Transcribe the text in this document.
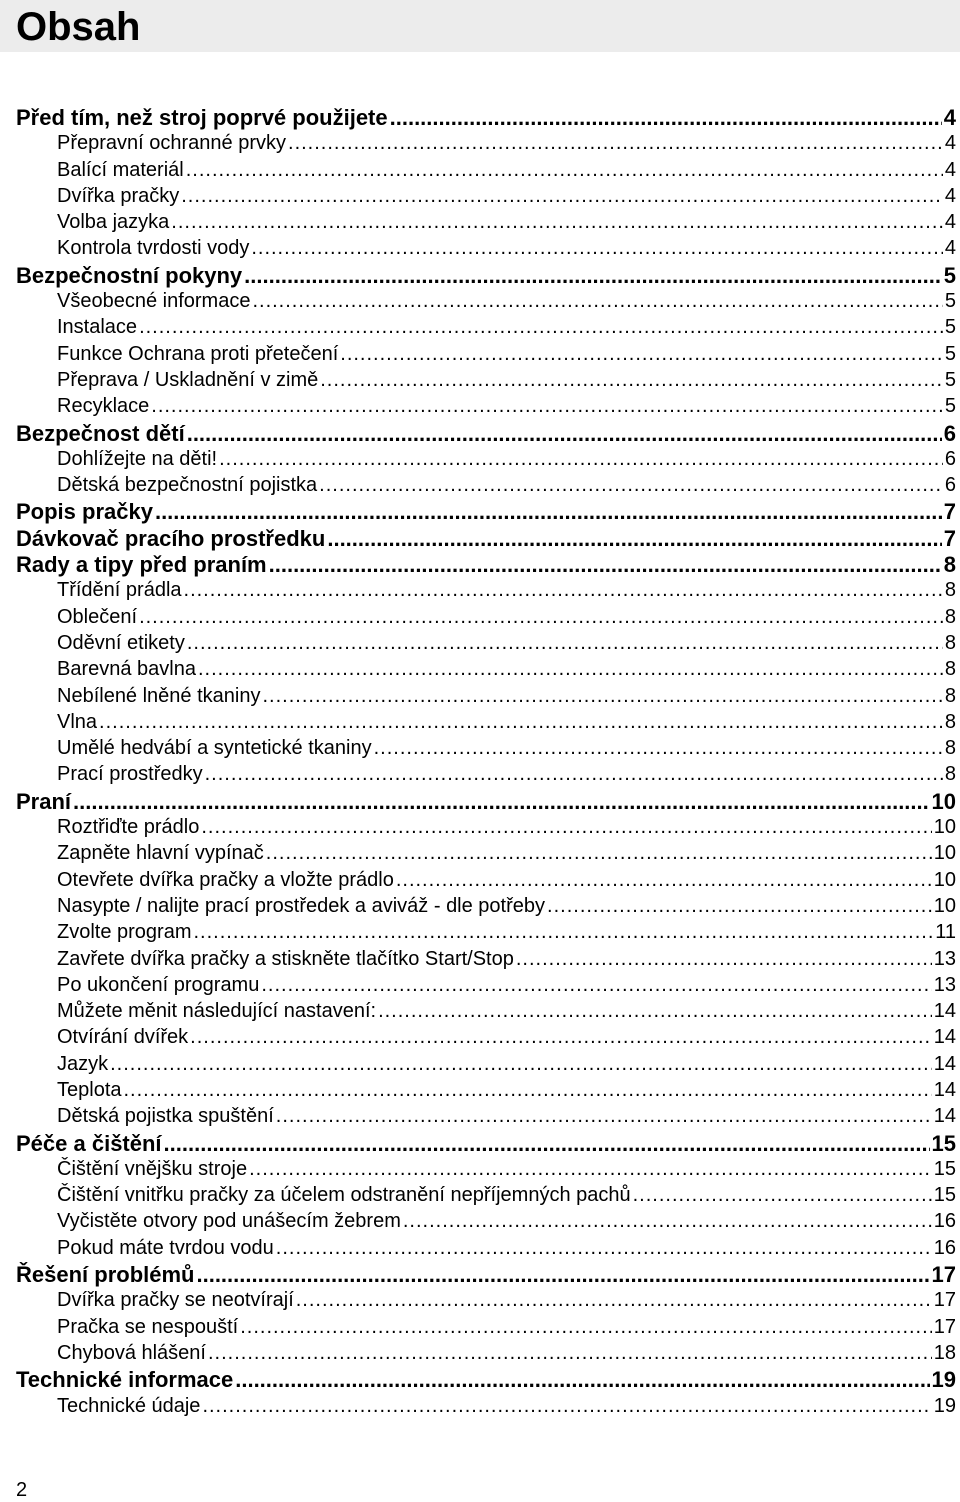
Obsah
Před tím, než stroj poprvé použijete .....	4
Přepravní ochranné prvky .....	4
Balící materiál .....	4
Dvířka pračky .....	4
Volba jazyka .....	4
Kontrola tvrdosti vody .....	4
Bezpečnostní pokyny .....	5
Všeobecné informace .....	5
Instalace .....	5
Funkce Ochrana proti přetečení .....	5
Přeprava / Uskladnění v zimě .....	5
Recyklace .....	5
Bezpečnost dětí .....	6
Dohlížejte na děti! .....	6
Dětská bezpečnostní pojistka .....	6
Popis pračky .....	7
Dávkovač pracího prostředku .....	7
Rady a tipy před praním .....	8
Třídění prádla .....	8
Oblečení .....	8
Oděvní etikety .....	8
Barevná bavlna .....	8
Nebílené lněné tkaniny .....	8
Vlna .....	8
Umělé hedvábí a syntetické tkaniny .....	8
Prací prostředky .....	8
Praní .....	10
Roztřiďte prádlo .....	10
Zapněte hlavní vypínač .....	10
Otevřete dvířka pračky a vložte prádlo .....	10
Nasypte / nalijte prací prostředek a aviváž - dle potřeby .....	10
Zvolte program .....	11
Zavřete dvířka pračky a stiskněte tlačítko Start/Stop .....	13
Po ukončení programu .....	13
Můžete měnit následující nastavení: .....	14
Otvírání dvířek .....	14
Jazyk .....	14
Teplota .....	14
Dětská pojistka spuštění .....	14
Péče a čištění .....	15
Čištění vnějšku stroje .....	15
Čištění vnitřku pračky za účelem odstranění nepříjemných pachů .....	15
Vyčistěte otvory pod unášecím žebrem .....	16
Pokud máte tvrdou vodu .....	16
Řešení problémů .....	17
Dvířka pračky se neotvírají .....	17
Pračka se nespouští .....	17
Chybová hlášení .....	18
Technické informace .....	19
Technické údaje .....	19
2
